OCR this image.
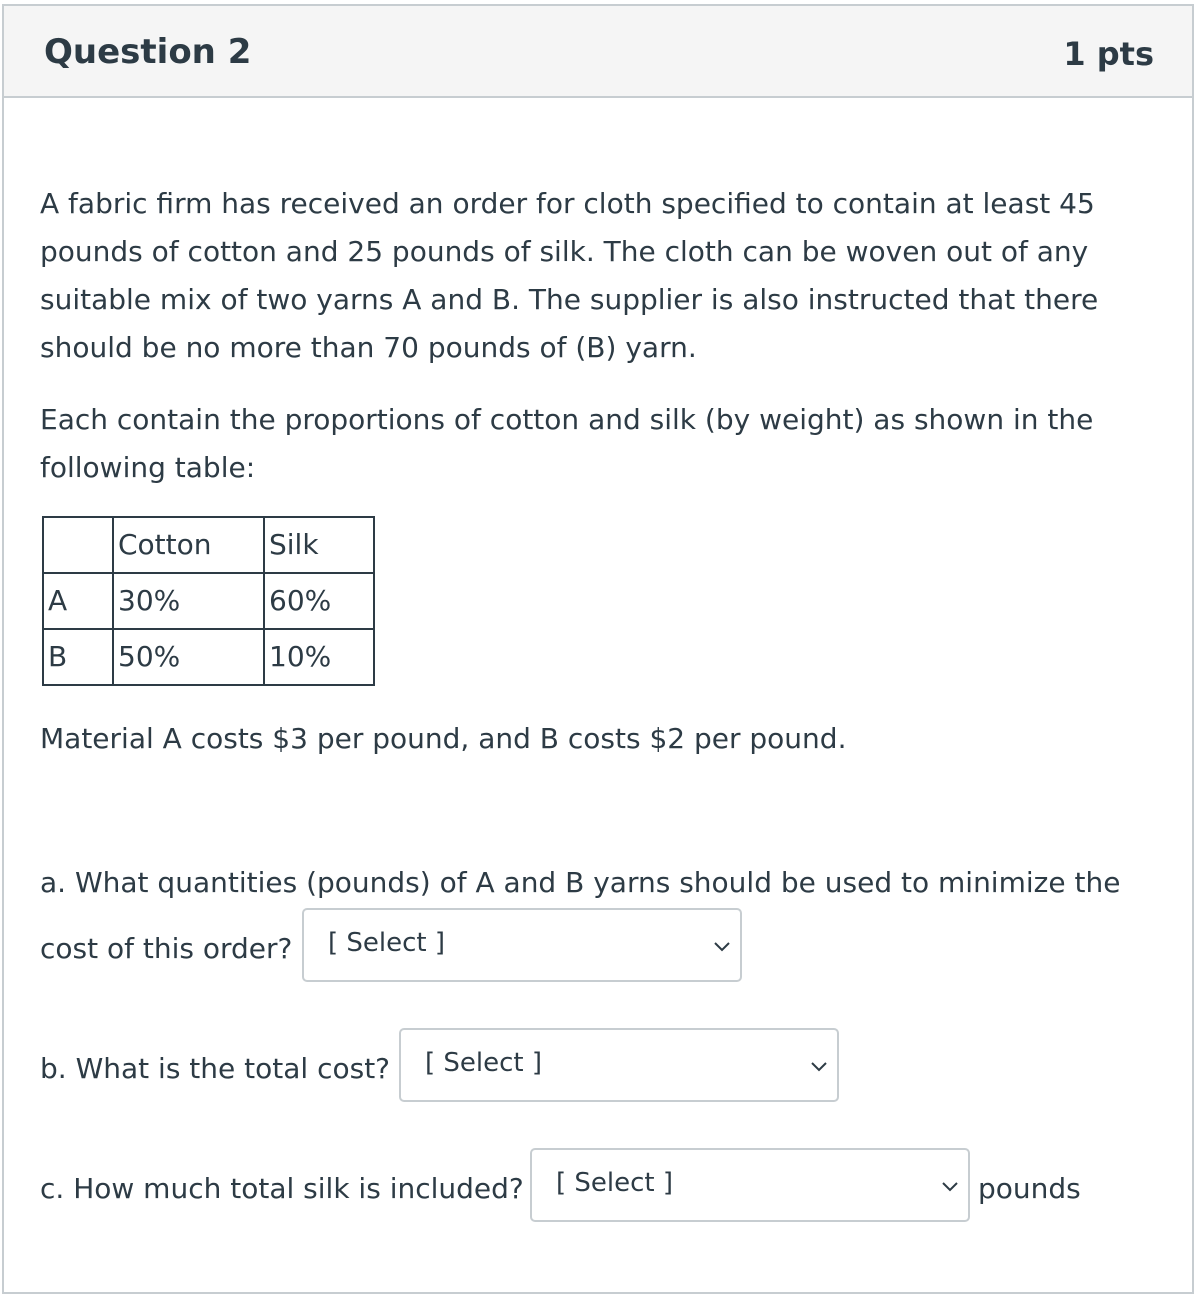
Question 2	1 pts
A fabric firm has received an order for cloth specified to contain at least 45 pounds of cotton and 25 pounds of silk. The cloth can be woven out of any suitable mix of two yarns A and B. The supplier is also instructed that there should be no more than 70 pounds of (B) yarn.
Each contain the proportions of cotton and silk (by weight) as shown in the following table:
	Cotton	Silk
A	30%	60%
B	50%	10%
Material A costs $3 per pound, and B costs $2 per pound.
a. What quantities (pounds) of A and B yarns should be used to minimize the
cost of this order? [ Select ]
b. What is the total cost? [ Select ]
c. How much total silk is included? [ Select ]	pounds
